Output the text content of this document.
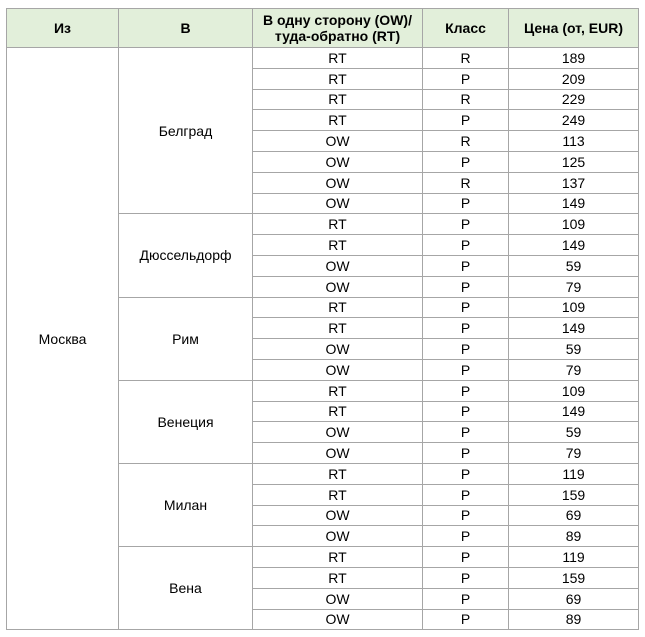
Из	В	В одну сторону (OW)/
туда-обратно (RT)	Класс	Цена (от, EUR)
Москва	Белград	RT	R	189
		RT	P	209
		RT	R	229
		RT	P	249
		OW	R	113
		OW	P	125
		OW	R	137
		OW	P	149
	Дюссельдорф	RT	P	109
		RT	P	149
		OW	P	59
		OW	P	79
	Рим	RT	P	109
		RT	P	149
		OW	P	59
		OW	P	79
	Венеция	RT	P	109
		RT	P	149
		OW	P	59
		OW	P	79
	Милан	RT	P	119
		RT	P	159
		OW	P	69
		OW	P	89
	Вена	RT	P	119
		RT	P	159
		OW	P	69
		OW	P	89
